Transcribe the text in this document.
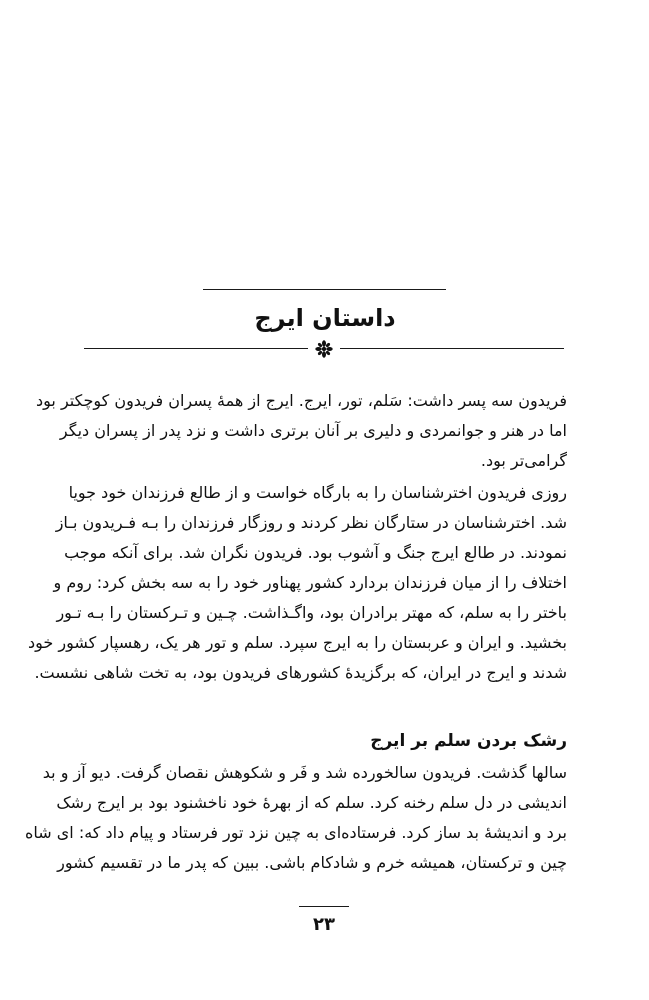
داستان ایرج
فریدون سه پسر داشت: سَلم، تور، ایرج. ایرج از همهٔ پسران فریدون کوچکتر بود
اما در هنر و جوانمردی و دلیری بر آنان برتری داشت و نزد پدر از پسران دیگر
گرامی‌تر بود.
روزی فریدون اخترشناسان را به بارگاه خواست و از طالع فرزندان خود جویا
شد. اخترشناسان در ستارگان نظر کردند و روزگار فرزندان را بـه فـریدون بـاز
نمودند. در طالع ایرج جنگ و آشوب بود. فریدون نگران شد. برای آنکه موجب
اختلاف را از میان فرزندان بردارد کشور پهناور خود را به سه بخش کرد: روم و
باختر را به سلم، که مهتر برادران بود، واگـذاشت. چـین و تـرکستان را بـه تـور
بخشید. و ایران و عربستان را به ایرج سپرد. سلم و تور هر یک، رهسپار کشور خود
شدند و ایرج در ایران، که برگزیدهٔ کشورهای فریدون بود، به تخت شاهی نشست.
رشک بردن سلم بر ایرج
سالها گذشت. فریدون سالخورده شد و فَر و شکوهش نقصان گرفت. دیو آز و بد
اندیشی در دل سلم رخنه کرد. سلم که از بهرهٔ خود ناخشنود بود بر ایرج رشک
برد و اندیشهٔ بد ساز کرد. فرستاده‌ای به چین نزد تور فرستاد و پیام داد که: ای شاه
چین و ترکستان، همیشه خرم و شادکام باشی. ببین که پدر ما در تقسیم کشور
۲۳
